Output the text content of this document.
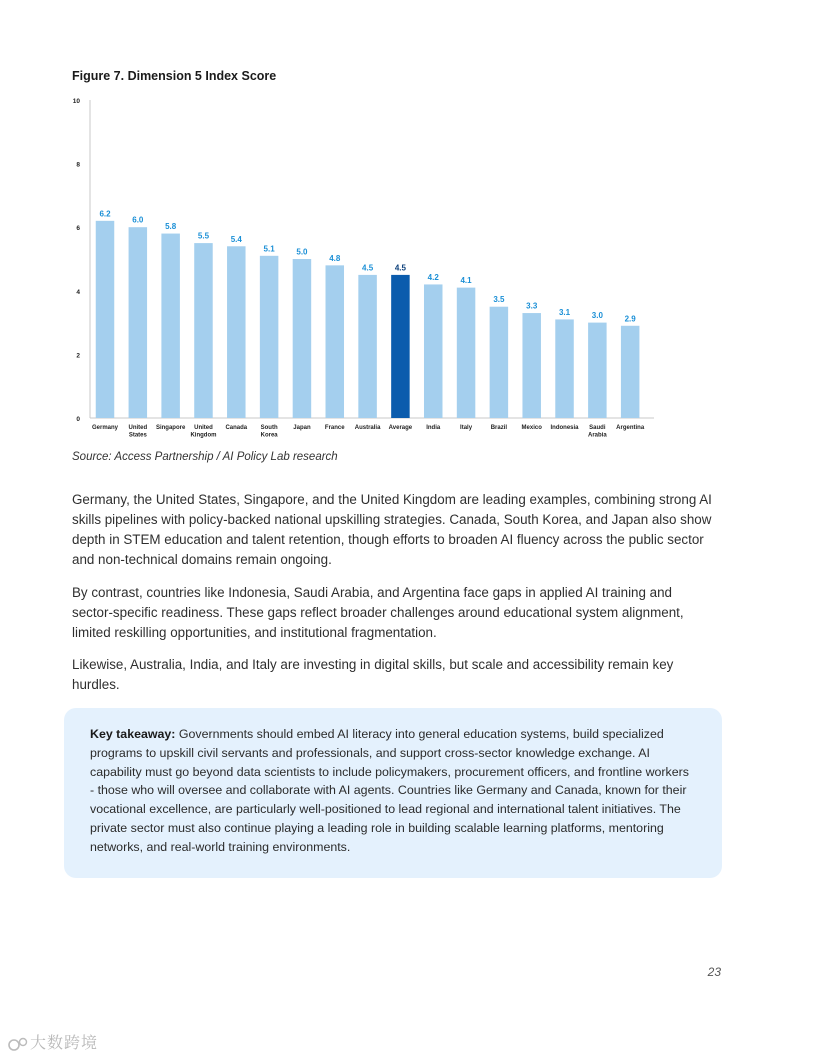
Figure 7. Dimension 5 Index Score
0
2
4
6
8
10
6.2
Germany
6.0
United States
5.8
Singapore
5.5
United Kingdom
5.4
Canada
5.1
South Korea
5.0
Japan
4.8
France
4.5
Australia
4.5
Average
4.2
India
4.1
Italy
3.5
Brazil
3.3
Mexico
3.1
Indonesia
3.0
Saudi Arabia
2.9
Argentina
Source: Access Partnership / AI Policy Lab research

Germany, the United States, Singapore, and the United Kingdom are leading examples, combining strong AI skills pipelines with policy-backed national upskilling strategies. Canada, South Korea, and Japan also show depth in STEM education and talent retention, though efforts to broaden AI fluency across the public sector and non-technical domains remain ongoing.

By contrast, countries like Indonesia, Saudi Arabia, and Argentina face gaps in applied AI training and sector-specific readiness. These gaps reflect broader challenges around educational system alignment, limited reskilling opportunities, and institutional fragmentation.

Likewise, Australia, India, and Italy are investing in digital skills, but scale and accessibility remain key hurdles.

Key takeaway: Governments should embed AI literacy into general education systems, build specialized programs to upskill civil servants and professionals, and support cross-sector knowledge exchange. AI capability must go beyond data scientists to include policymakers, procurement officers, and frontline workers - those who will oversee and collaborate with AI agents. Countries like Germany and Canada, known for their vocational excellence, are particularly well-positioned to lead regional and international talent initiatives. The private sector must also continue playing a leading role in building scalable learning platforms, mentoring networks, and real-world training environments.

23
大数跨境
